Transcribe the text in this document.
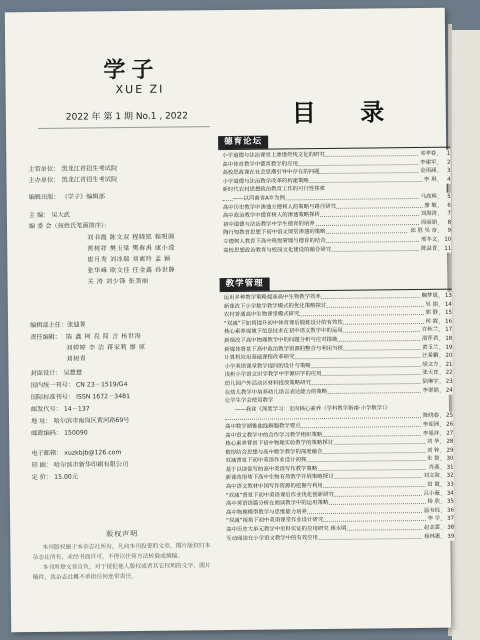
学子
XUE ZI
2022 年 第 1 期 No.1 , 2022
主管单位： 黑龙江省招生考试院
主办单位： 黑龙江省招生考试院
编辑出版： 《学子》编辑部
主 编： 吴大武
编 委 会（按姓氏笔画排序）：
刘书霞 陈文双 程晓铭 程明圆
黄树祥 樊玉梁 樊春禹 康小滢
崔月秀 刘冰瑞 刘素玲 孟 颖
张华峰 欧文佳 任金鑫 孙世静
关 涛 刘少锋 张美丽
编辑部主任：张迪菁
责任编辑： 陈 鑫 柯 亮 简 言 杨世涛
刘婷婷 李 洁 蒋家莉 廖 原
刘树青
封面设计： 吴慧慧
国内统一刊号： CN 23－1519/G4
国际标准刊号： ISSN 1672－3481
邮发代号： 14－137
地 址： 哈尔滨市南岗区黄河路69号
邮政编码： 150090
电子邮箱： xuzkbjb@126.com
印 刷： 哈尔滨市新华印刷有限公司
定 价： 15.00元
版权声明
本刊版权属于本杂志社所有，凡向本刊投寄的文章，图片版权归本杂志社所有，未经书面许可，不得以任何方法转载或摘编。
本刊所登文章自负，对于侵犯他人版权或者其它权利的文字、图片稿件，我杂志社概不承担任何连带责任。
目 录
德育论坛
小学道德与法治课堂上渗透传统文化的研究	邓孝春	1
高中体育教学中德育教学的应用	李建军	2
高校思政课在社会思潮引导中存在的问题	金雨涵	3
小学道德与法治教学改革的构建策略	李 琪	4
新时代农村思想政治教育工作的可行性探索
——以河南省A乡为例	马高辉	5
高中历史教学中渗透立德树人的策略与路径研究	廖 敏	6
高中政治教学中德育树人的渗透策略探析	刘海涛	7
初中道德与法治教学中学生德育的培养	周丽娟	8
陶行知教育思想下初中语文课堂渗透的策略	邱 胜 吴 奋	9
立德树人教育下高中班级管理与德育的结合	邢冬文	10
高校思想政治教育与校园文化建设的融合研究	陈益青	11
教学管理
运用多种教学策略提高高中生物教学效率	鞠梦旭	13
新课改下小学数学教学模式的优化策略探讨	吴 娟	14
农村普通高中生物课堂模式研究	郭 静	15
“双减”下如何提升初中体育课后锻炼设计的有效性	何 霞	16
核心素养视域下信息技术在初中语文教学中的运用	许秋兰	17
新课改下高中物理教学中的问题分析与应对措施	邵萍君	18
新媒体背景下高中政治教学资源的整合与利用当探	黄玉兰	19
计算机应用基础课程改革研究	汪希鹏	20
小学英语课堂教学提问的设计与策略	胡文方	21
浅析小学语文识字教学中字源识字的应用	张天育	22
幼儿园户外活动区材料投放策略研究	陆琳宇	23
在幼儿教学中培养幼儿语言表达能力的策略	李翠娟	24
让学生学会使用数学
——我读《深度学习：走向核心素养（学科教学指南·小学数学）》
陈晓春	25
高中数学圆锥曲线解题教学要点	李迎洲	26
高中语文教学中的合作学习教学组织策略	李旭祥	27
核心素养背景下初中物理实验教学的策略探讨	刘 华	28
数形结合思想与高中数学教学的深度融合	刘 钟	29
双减背景下初中英语作业设计初探	朱 智	30
基于以读促写的高中英语写作教学策略	肖燕	31
新课改形势下高中生物有效教学开展策略探讨	刘文海	32
高中语文教材中国写作资源的挖掘与利用	田 霞	33
“双减”背景下初中英语课后作业优化创新研究	吕小薇	34
高中英语语篇分析在阅读教学中的运用策略	杨 欣	35
高中物理模型教学与思维能力培养	温韦钰	36
“双减”视角下初中英语课堂作业设计研究	李 学	37
高中历史大单元教学中史料实证的应用研究 蒋永明	赵志雷	38
互动阅读在小学语文教学中的有效应用	杨林惠	39
